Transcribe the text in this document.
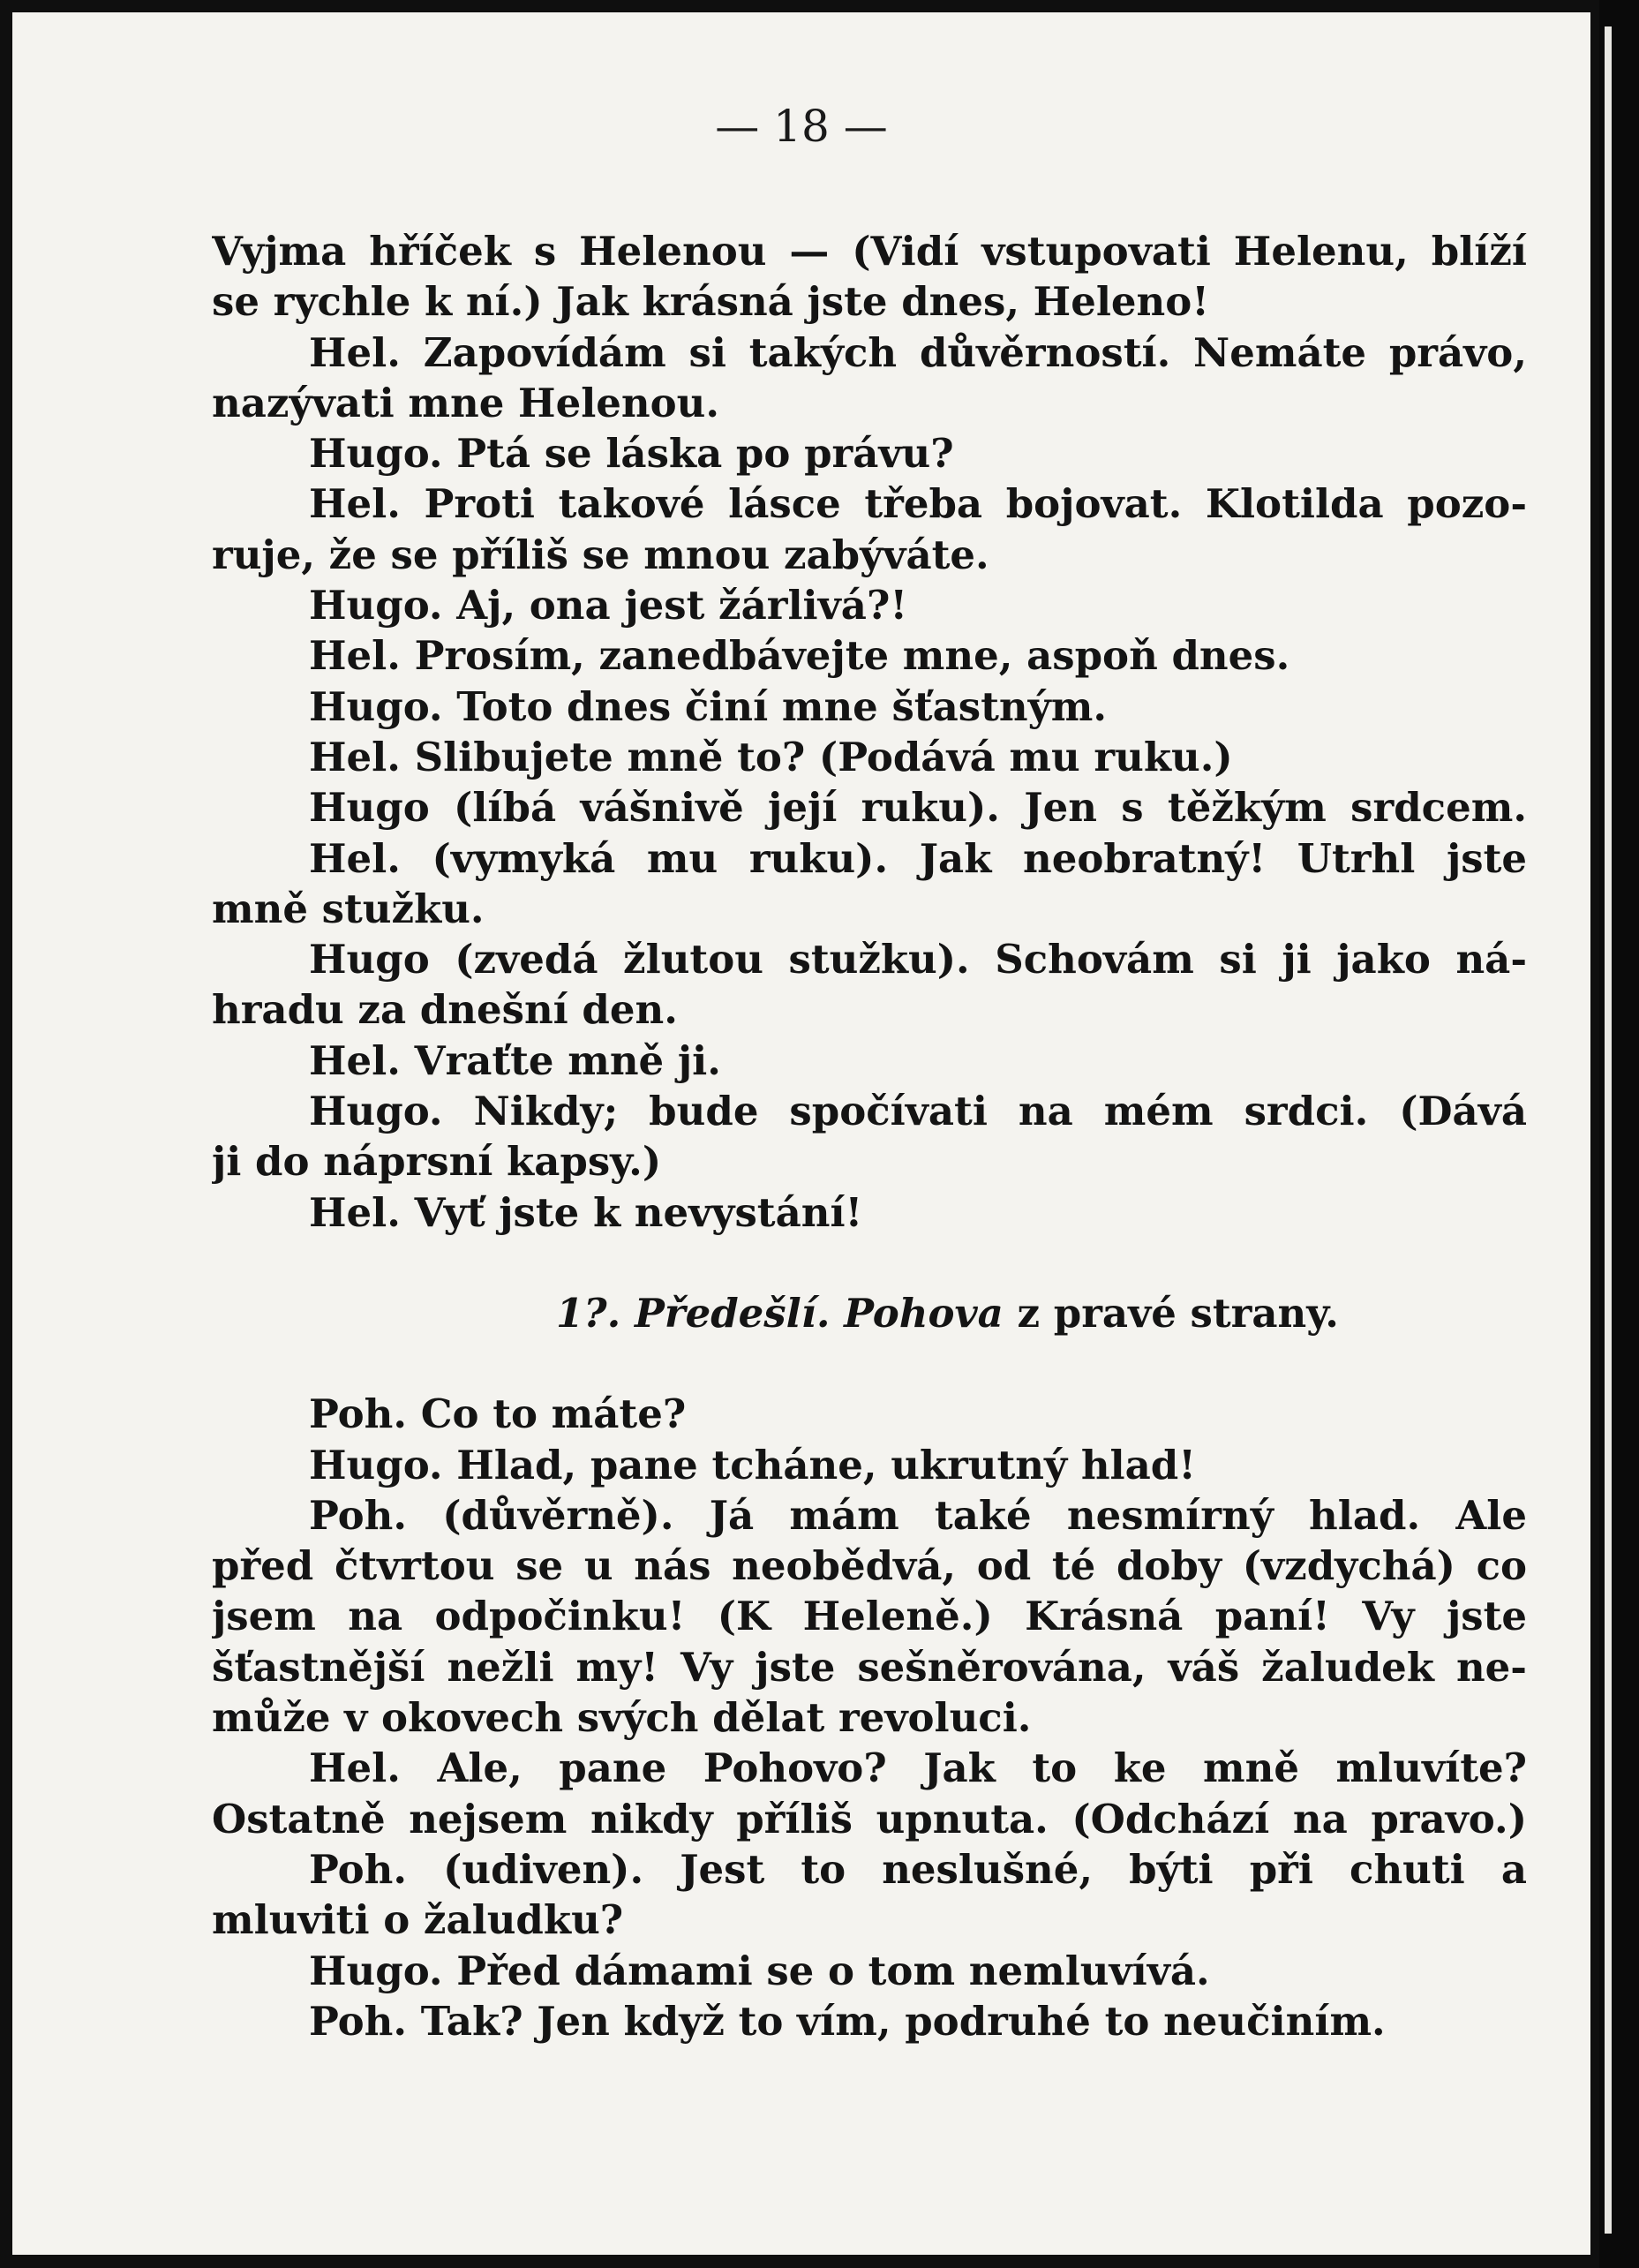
— 18 —
Vyjma hříček s Helenou — (Vidí vstupovati Helenu, blíží
se rychle k ní.) Jak krásná jste dnes, Heleno!
Hel. Zapovídám si takých důvěrností. Nemáte právo,
nazývati mne Helenou.
Hugo. Ptá se láska po právu?
Hel. Proti takové lásce třeba bojovat. Klotilda pozo-
ruje, že se příliš se mnou zabýváte.
Hugo. Aj, ona jest žárlivá?!
Hel. Prosím, zanedbávejte mne, aspoň dnes.
Hugo. Toto dnes činí mne šťastným.
Hel. Slibujete mně to? (Podává mu ruku.)
Hugo (líbá vášnivě její ruku). Jen s těžkým srdcem.
Hel. (vymyká mu ruku). Jak neobratný! Utrhl jste
mně stužku.
Hugo (zvedá žlutou stužku). Schovám si ji jako ná-
hradu za dnešní den.
Hel. Vraťte mně ji.
Hugo. Nikdy; bude spočívati na mém srdci. (Dává
ji do náprsní kapsy.)
Hel. Vyť jste k nevystání!
1?. Předešlí. Pohova z pravé strany.
Poh. Co to máte?
Hugo. Hlad, pane tcháne, ukrutný hlad!
Poh. (důvěrně). Já mám také nesmírný hlad. Ale
před čtvrtou se u nás neobědvá, od té doby (vzdychá) co
jsem na odpočinku! (K Heleně.) Krásná paní! Vy jste
šťastnější nežli my! Vy jste sešněrována, váš žaludek ne-
může v okovech svých dělat revoluci.
Hel. Ale, pane Pohovo? Jak to ke mně mluvíte?
Ostatně nejsem nikdy příliš upnuta. (Odchází na pravo.)
Poh. (udiven). Jest to neslušné, býti při chuti a
mluviti o žaludku?
Hugo. Před dámami se o tom nemluvívá.
Poh. Tak? Jen když to vím, podruhé to neučiním.
